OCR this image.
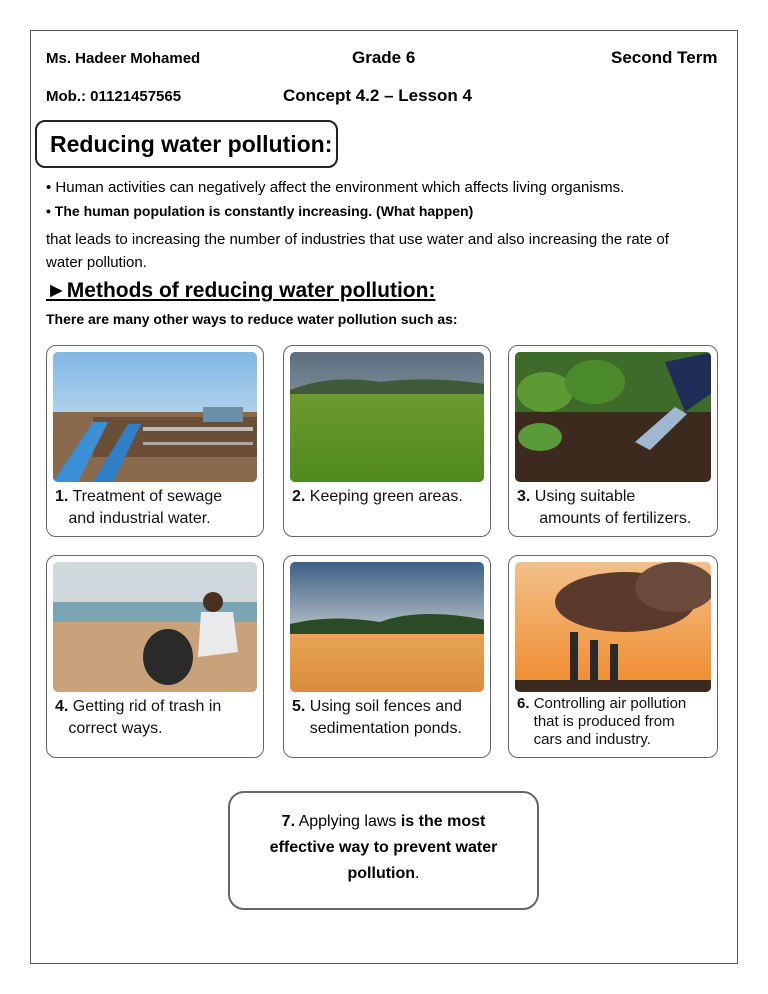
Ms. Hadeer Mohamed	Grade 6	Second Term
Mob.: 01121457565	Concept 4.2 – Lesson 4
Reducing water pollution:
• Human activities can negatively affect the environment which affects living organisms.
• The human population is constantly increasing. (What happen)
that leads to increasing the number of industries that use water and also increasing the rate of
water pollution.
►Methods of reducing water pollution:
There are many other ways to reduce water pollution such as:
1. Treatment of sewage
and industrial water.
2. Keeping green areas.	3. Using suitable
amounts of fertilizers.
4. Getting rid of trash in
correct ways.
5. Using soil fences and
sedimentation ponds.
6. Controlling air pollution
that is produced from
cars and industry.
7. Applying laws is the most
effective way to prevent water
pollution.
